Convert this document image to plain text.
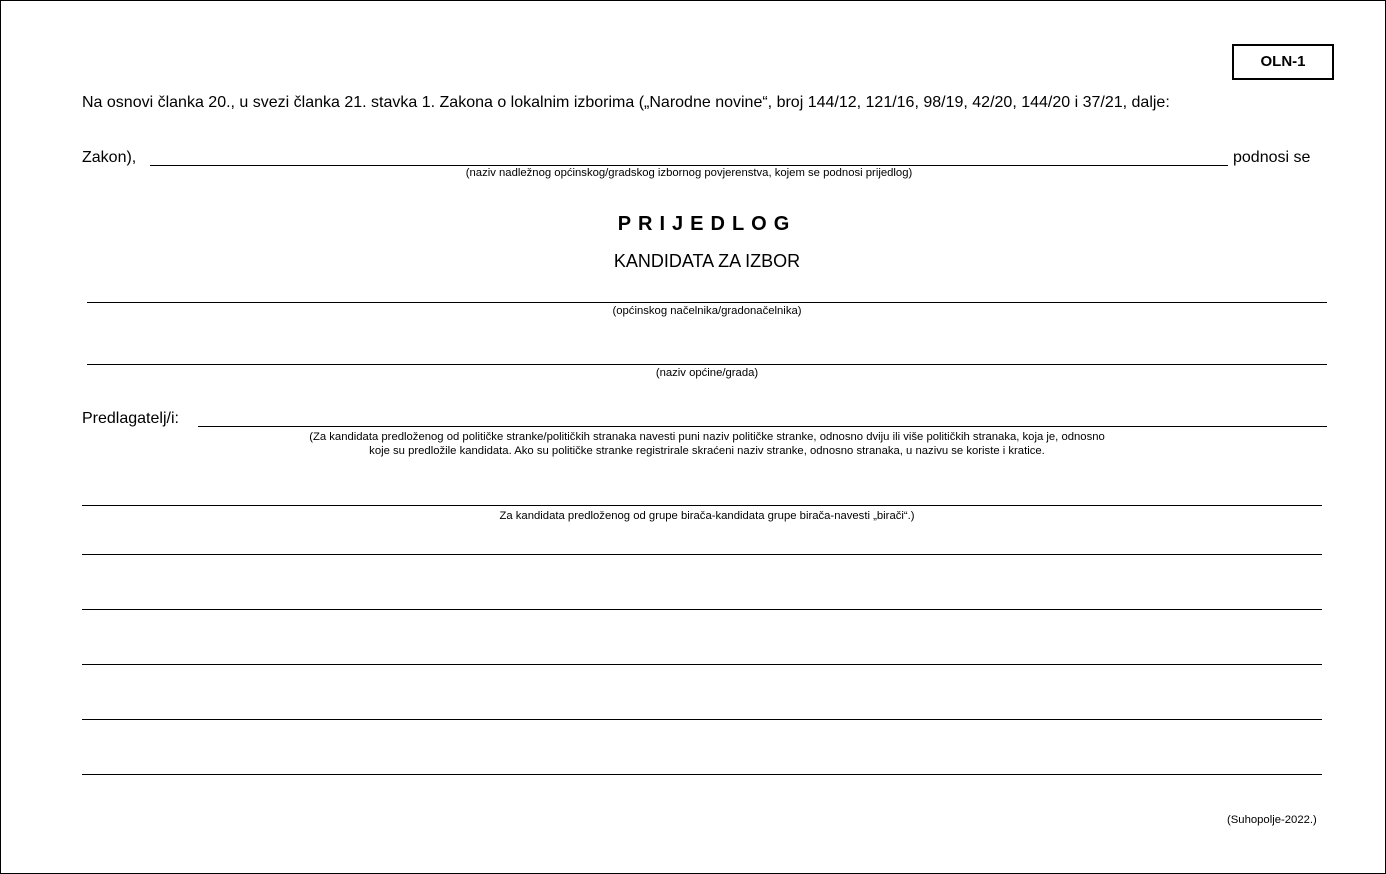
OLN-1
Na osnovi članka 20., u svezi članka 21. stavka 1. Zakona o lokalnim izborima („Narodne novine“, broj 144/12, 121/16, 98/19, 42/20, 144/20 i 37/21, dalje:
Zakon),	podnosi se
(naziv nadležnog općinskog/gradskog izbornog povjerenstva, kojem se podnosi prijedlog)
PRIJEDLOG
KANDIDATA ZA IZBOR
(općinskog načelnika/gradonačelnika)
(naziv općine/grada)
Predlagatelj/i:
(Za kandidata predloženog od političke stranke/političkih stranaka navesti puni naziv političke stranke, odnosno dviju ili više političkih stranaka, koja je, odnosno
koje su predložile kandidata. Ako su političke stranke registrirale skraćeni naziv stranke, odnosno stranaka, u nazivu se koriste i kratice.
Za kandidata predloženog od grupe birača-kandidata grupe birača-navesti „birači“.)
(Suhopolje-2022.)
